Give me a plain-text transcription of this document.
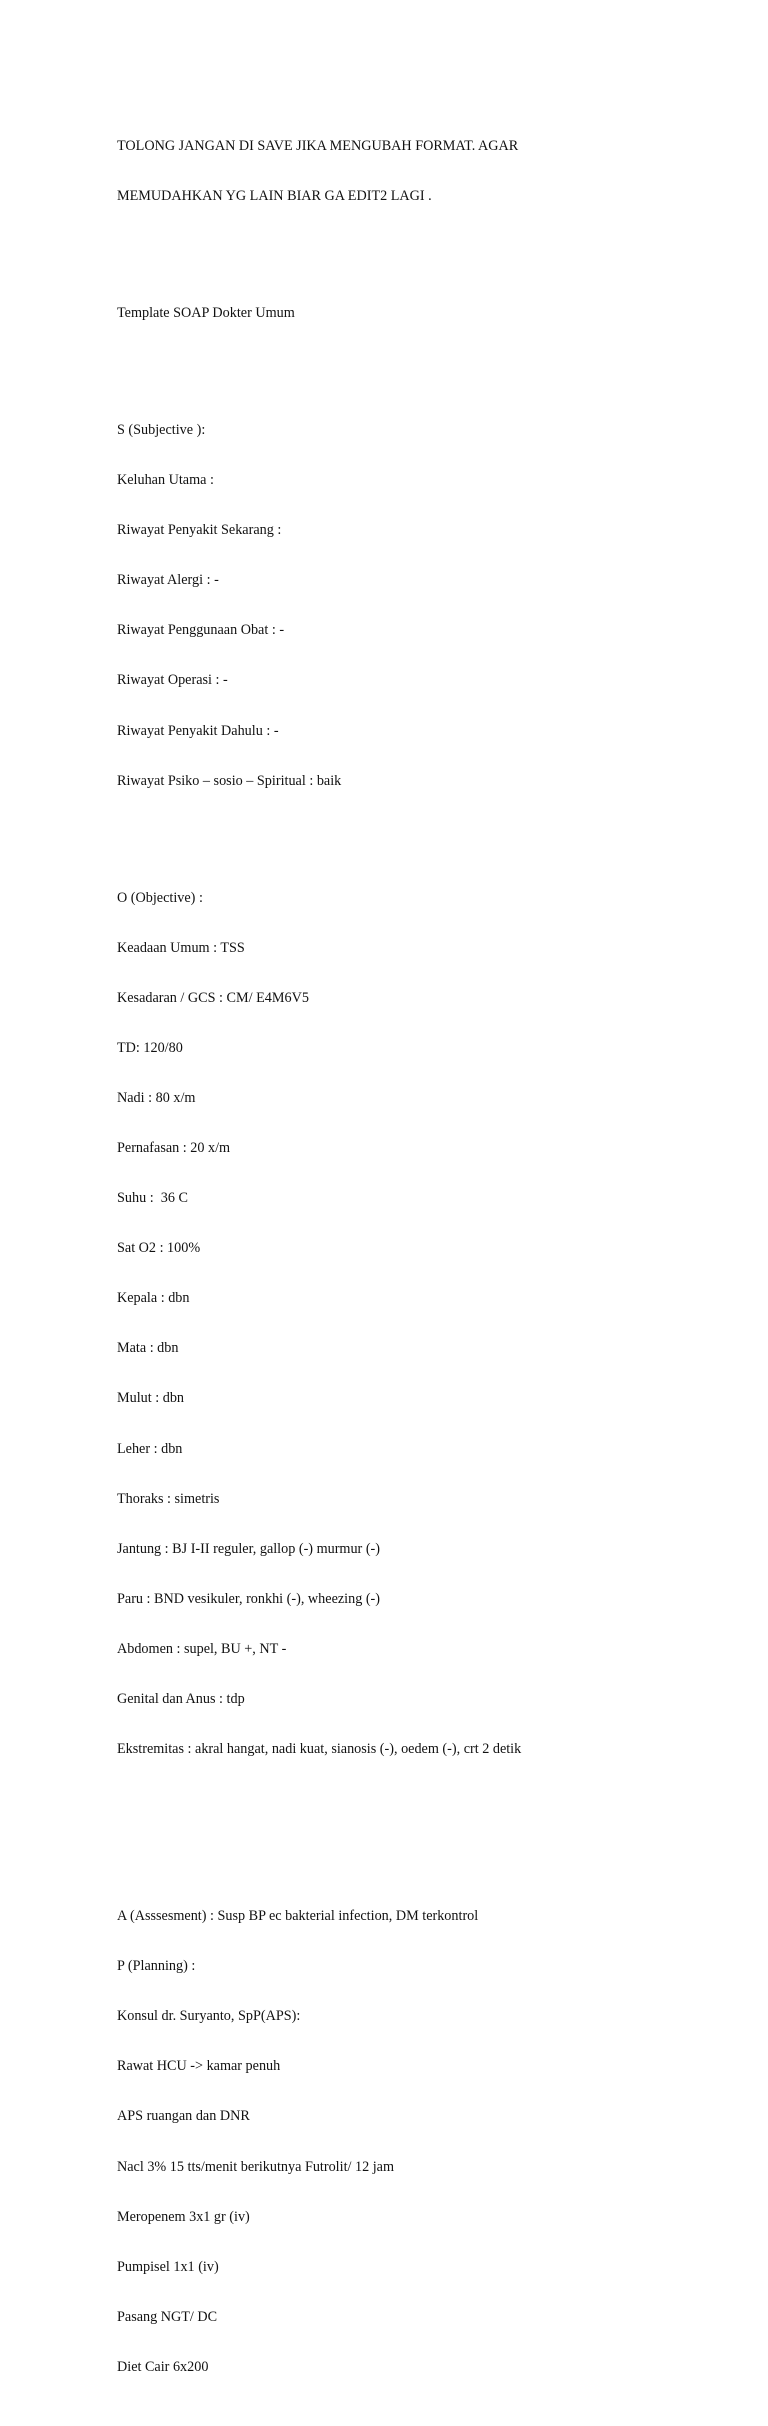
TOLONG JANGAN DI SAVE JIKA MENGUBAH FORMAT. AGAR

MEMUDAHKAN YG LAIN BIAR GA EDIT2 LAGI .

Template SOAP Dokter Umum

S (Subjective ):

Keluhan Utama :

Riwayat Penyakit Sekarang :

Riwayat Alergi : -

Riwayat Penggunaan Obat : -

Riwayat Operasi : -

Riwayat Penyakit Dahulu : -

Riwayat Psiko – sosio – Spiritual : baik

O (Objective) :

Keadaan Umum : TSS

Kesadaran / GCS : CM/ E4M6V5

TD: 120/80

Nadi : 80 x/m

Pernafasan : 20 x/m

Suhu :  36 C

Sat O2 : 100%

Kepala : dbn

Mata : dbn

Mulut : dbn

Leher : dbn

Thoraks : simetris

Jantung : BJ I-II reguler, gallop (-) murmur (-)

Paru : BND vesikuler, ronkhi (-), wheezing (-)

Abdomen : supel, BU +, NT -

Genital dan Anus : tdp

Ekstremitas : akral hangat, nadi kuat, sianosis (-), oedem (-), crt 2 detik

A (Asssesment) : Susp BP ec bakterial infection, DM terkontrol

P (Planning) :

Konsul dr. Suryanto, SpP(APS):

Rawat HCU -> kamar penuh

APS ruangan dan DNR

Nacl 3% 15 tts/menit berikutnya Futrolit/ 12 jam

Meropenem 3x1 gr (iv)

Pumpisel 1x1 (iv)

Pasang NGT/ DC

Diet Cair 6x200
